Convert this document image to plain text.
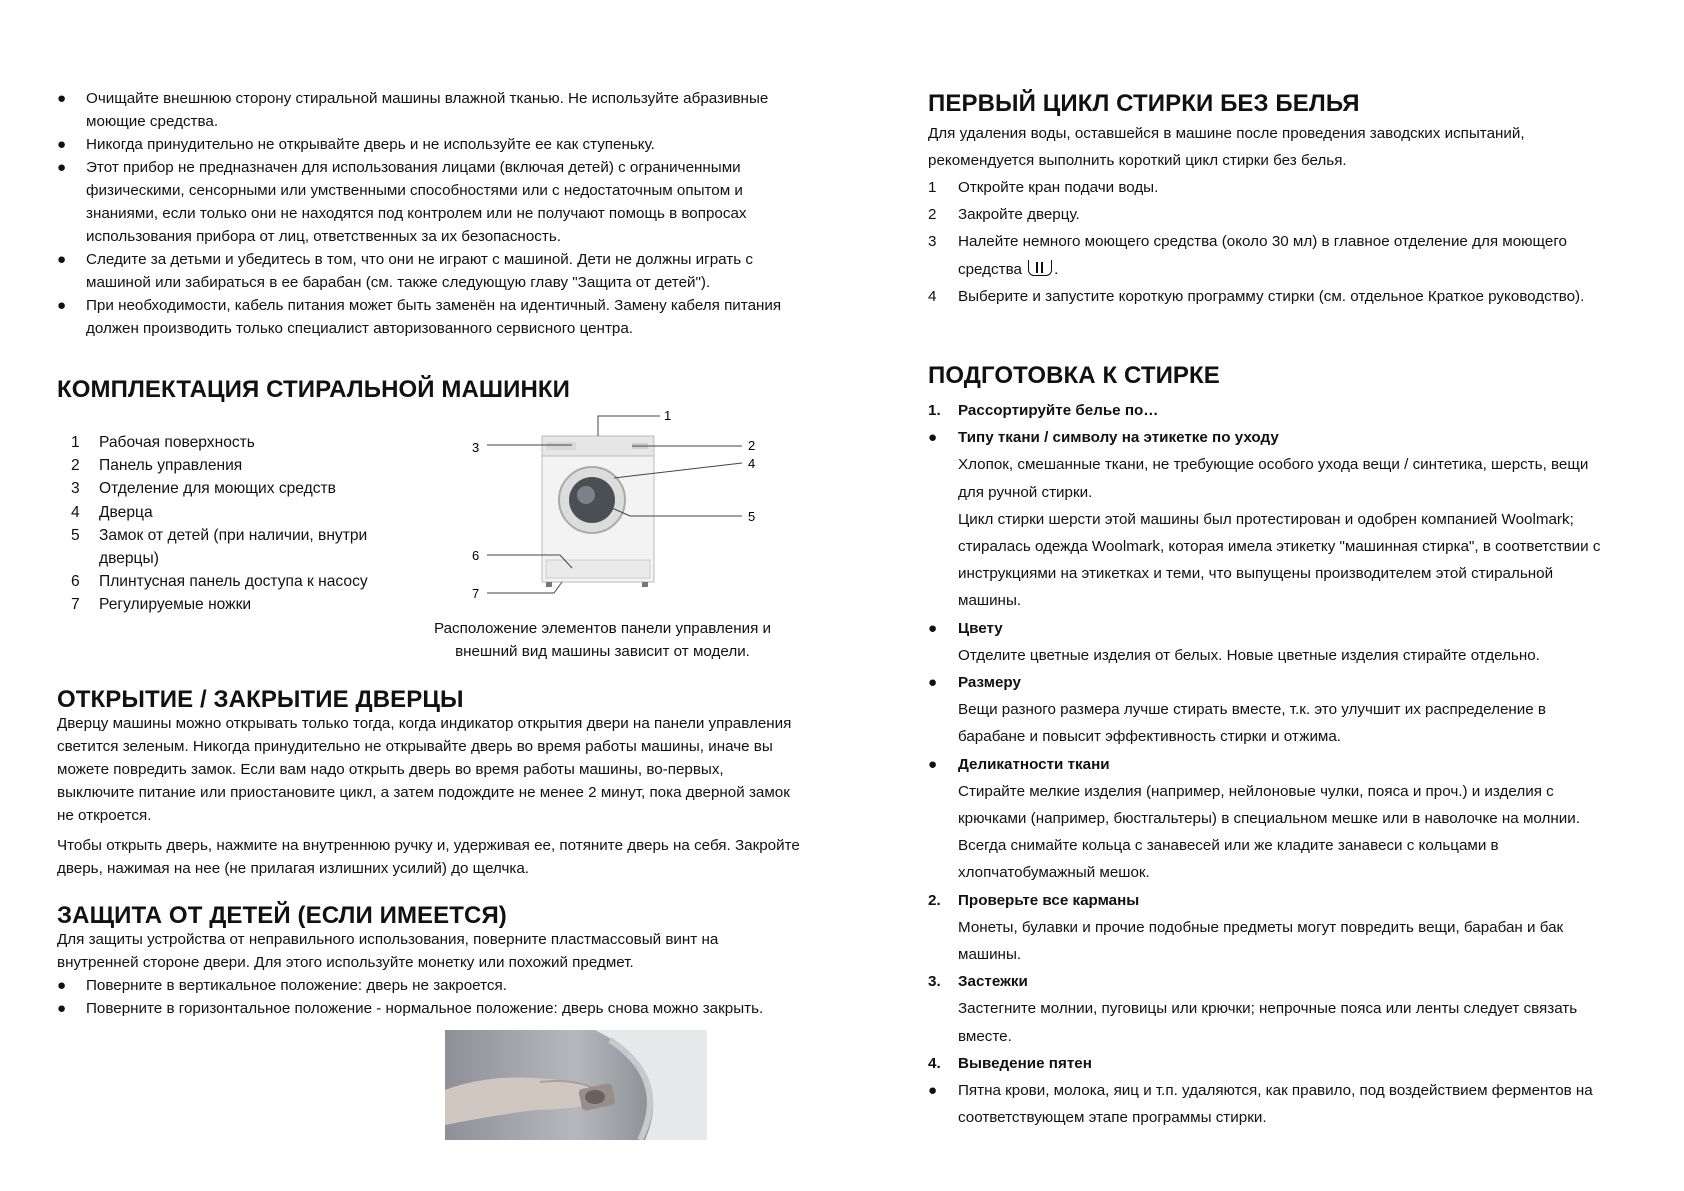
● Очищайте внешнюю сторону стиральной машины влажной тканью. Не используйте абразивные моющие средства.
● Никогда принудительно не открывайте дверь и не используйте ее как ступеньку.
● Этот прибор не предназначен для использования лицами (включая детей) с ограниченными физическими, сенсорными или умственными способностями или с недостаточным опытом и знаниями, если только они не находятся под контролем или не получают помощь в вопросах использования прибора от лиц, ответственных за их безопасность.
● Следите за детьми и убедитесь в том, что они не играют с машиной. Дети не должны играть с машиной или забираться в ее барабан (см. также следующую главу "Защита от детей").
● При необходимости, кабель питания может быть заменён на идентичный. Замену кабеля питания должен производить только специалист авторизованного сервисного центра.
КОМПЛЕКТАЦИЯ СТИРАЛЬНОЙ МАШИНКИ
1 Рабочая поверхность
2 Панель управления
3 Отделение для моющих средств
4 Дверца
5 Замок от детей (при наличии, внутри дверцы)
6 Плинтусная панель доступа к насосу
7 Регулируемые ножки
1
2
3
4
5
6
7
Расположение элементов панели управления и внешний вид машины зависит от модели.
ОТКРЫТИЕ / ЗАКРЫТИЕ ДВЕРЦЫ

Дверцу машины можно открывать только тогда, когда индикатор открытия двери на панели управления светится зеленым. Никогда принудительно не открывайте дверь во время работы машины, иначе вы можете повредить замок. Если вам надо открыть дверь во время работы машины, во-первых, выключите питание или приостановите цикл, а затем подождите не менее 2 минут, пока дверной замок не откроется.

Чтобы открыть дверь, нажмите на внутреннюю ручку и, удерживая ее, потяните дверь на себя. Закройте дверь, нажимая на нее (не прилагая излишних усилий) до щелчка.

ЗАЩИТА ОТ ДЕТЕЙ (ЕСЛИ ИМЕЕТСЯ)

Для защиты устройства от неправильного использования, поверните пластмассовый винт на внутренней стороне двери. Для этого используйте монетку или похожий предмет.

● Поверните в вертикальное положение: дверь не закроется.
● Поверните в горизонтальное положение - нормальное положение: дверь снова можно закрыть.
ПЕРВЫЙ ЦИКЛ СТИРКИ БЕЗ БЕЛЬЯ

Для удаления воды, оставшейся в машине после проведения заводских испытаний, рекомендуется выполнить короткий цикл стирки без белья.

1 Откройте кран подачи воды.
2 Закройте дверцу.
3 Налейте немного моющего средства (около 30 мл) в главное отделение для моющего средства .
4 Выберите и запустите короткую программу стирки (см. отдельное Краткое руководство).
ПОДГОТОВКА К СТИРКЕ
1. Рассортируйте белье по…
● Типу ткани / символу на этикетке по уходу
Хлопок, смешанные ткани, не требующие особого ухода вещи / синтетика, шерсть, вещи для ручной стирки.
Цикл стирки шерсти этой машины был протестирован и одобрен компанией Woolmark; стиралась одежда Woolmark, которая имела этикетку "машинная стирка", в соответствии с инструкциями на этикетках и теми, что выпущены производителем этой стиральной машины.
● Цвету
Отделите цветные изделия от белых. Новые цветные изделия стирайте отдельно.
● Размеру
Вещи разного размера лучше стирать вместе, т.к. это улучшит их распределение в барабане и повысит эффективность стирки и отжима.
● Деликатности ткани
Стирайте мелкие изделия (например, нейлоновые чулки, пояса и проч.) и изделия с крючками (например, бюстгальтеры) в специальном мешке или в наволочке на молнии. Всегда снимайте кольца с занавесей или же кладите занавеси с кольцами в хлопчатобумажный мешок.
2. Проверьте все карманы
Монеты, булавки и прочие подобные предметы могут повредить вещи, барабан и бак машины.
3. Застежки
Застегните молнии, пуговицы или крючки; непрочные пояса или ленты следует связать вместе.
4. Выведение пятен
● Пятна крови, молока, яиц и т.п. удаляются, как правило, под воздействием ферментов на соответствующем этапе программы стирки.
